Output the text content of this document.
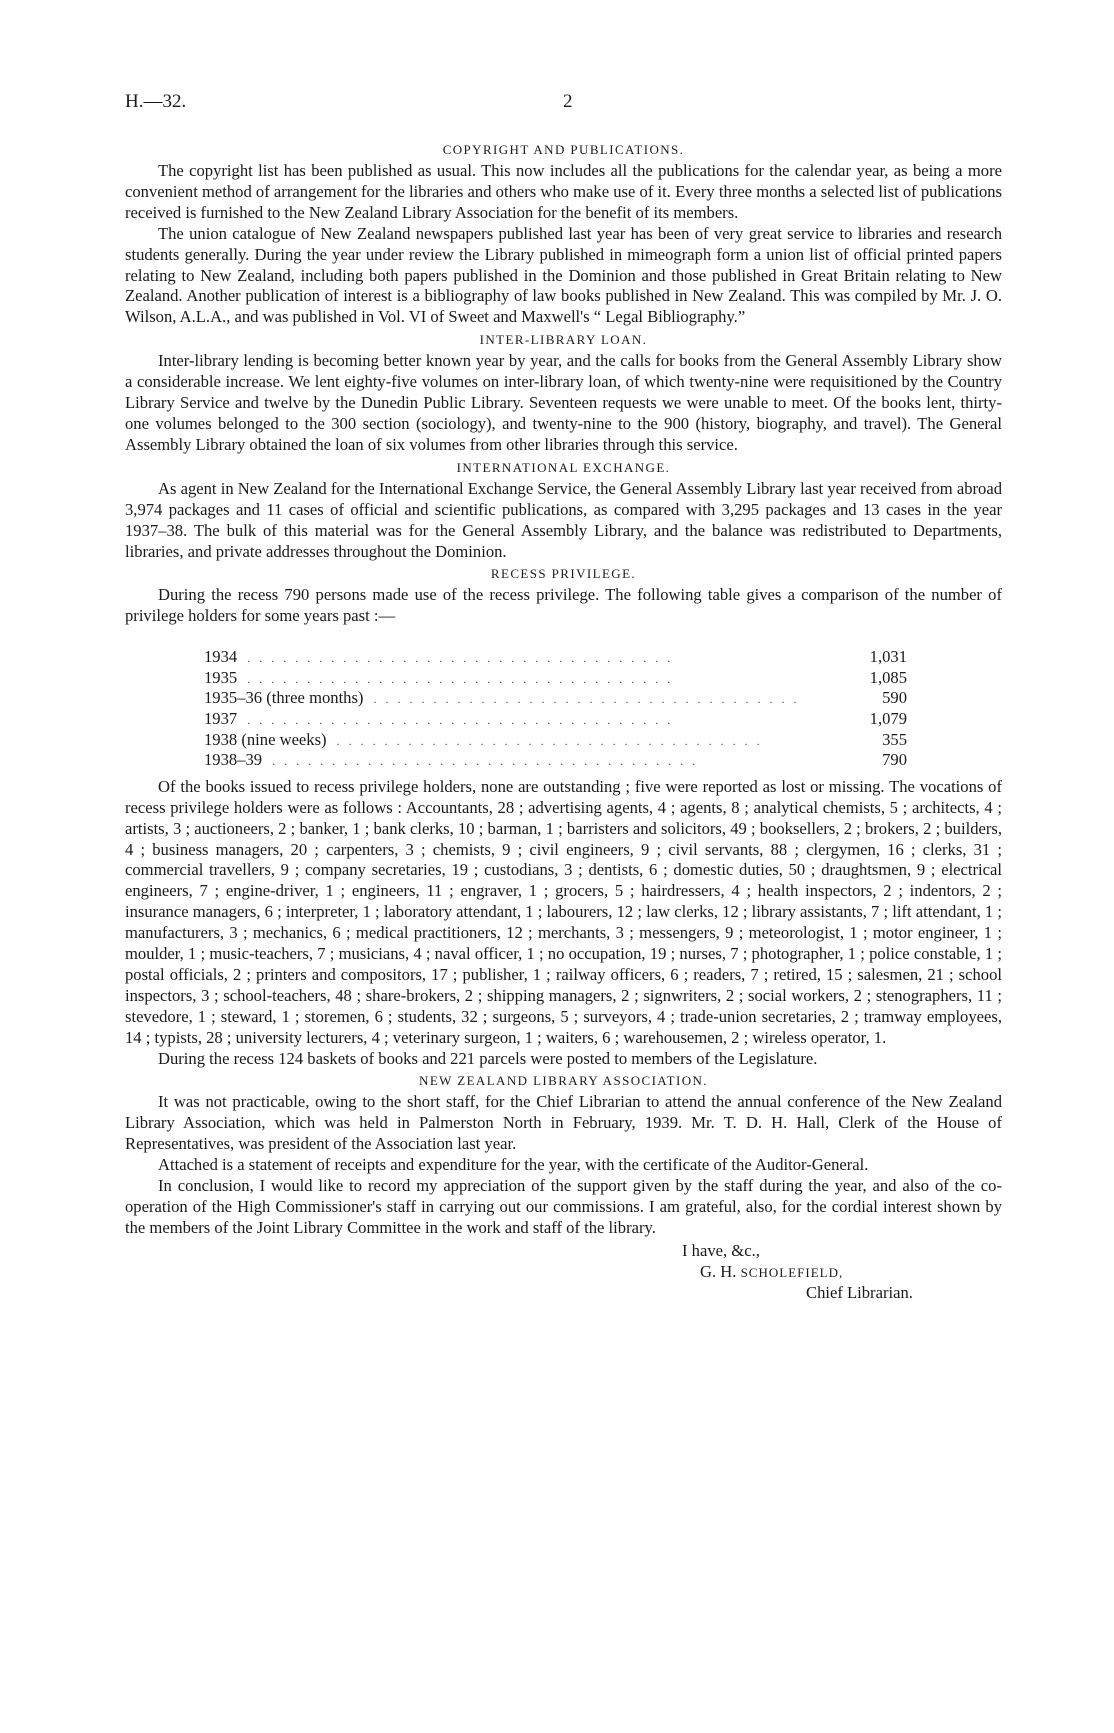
H.—32.	2
COPYRIGHT AND PUBLICATIONS.

The copyright list has been published as usual. This now includes all the publications for the calendar year, as being a more convenient method of arrangement for the libraries and others who make use of it. Every three months a selected list of publications received is furnished to the New Zealand Library Association for the benefit of its members.

The union catalogue of New Zealand newspapers published last year has been of very great service to libraries and research students generally. During the year under review the Library published in mimeograph form a union list of official printed papers relating to New Zealand, including both papers published in the Dominion and those published in Great Britain relating to New Zealand. Another publication of interest is a bibliography of law books published in New Zealand. This was compiled by Mr. J. O. Wilson, A.L.A., and was published in Vol. VI of Sweet and Maxwell's “ Legal Bibliography.”

INTER-LIBRARY LOAN.

Inter-library lending is becoming better known year by year, and the calls for books from the General Assembly Library show a considerable increase. We lent eighty-five volumes on inter-library loan, of which twenty-nine were requisitioned by the Country Library Service and twelve by the Dunedin Public Library. Seventeen requests we were unable to meet. Of the books lent, thirty-one volumes belonged to the 300 section (sociology), and twenty-nine to the 900 (history, biography, and travel). The General Assembly Library obtained the loan of six volumes from other libraries through this service.

INTERNATIONAL EXCHANGE.

As agent in New Zealand for the International Exchange Service, the General Assembly Library last year received from abroad 3,974 packages and 11 cases of official and scientific publications, as compared with 3,295 packages and 13 cases in the year 1937–38. The bulk of this material was for the General Assembly Library, and the balance was redistributed to Departments, libraries, and private addresses throughout the Dominion.

RECESS PRIVILEGE.

During the recess 790 persons made use of the recess privilege. The following table gives a comparison of the number of privilege holders for some years past :—

1934 . . . . . . . . . . . . . . . . . . . . . . . . . . . . . . . . . . . .	1,031
1935 . . . . . . . . . . . . . . . . . . . . . . . . . . . . . . . . . . . .	1,085
1935–36 (three months) . . . . . . . . . . . . . . . . . . . . . . . . . . . . . . . . . . . .	590
1937 . . . . . . . . . . . . . . . . . . . . . . . . . . . . . . . . . . . .	1,079
1938 (nine weeks) . . . . . . . . . . . . . . . . . . . . . . . . . . . . . . . . . . . .	355
1938–39 . . . . . . . . . . . . . . . . . . . . . . . . . . . . . . . . . . . .	790

Of the books issued to recess privilege holders, none are outstanding ; five were reported as lost or missing. The vocations of recess privilege holders were as follows : Accountants, 28 ; advertising agents, 4 ; agents, 8 ; analytical chemists, 5 ; architects, 4 ; artists, 3 ; auctioneers, 2 ; banker, 1 ; bank clerks, 10 ; barman, 1 ; barristers and solicitors, 49 ; booksellers, 2 ; brokers, 2 ; builders, 4 ; business managers, 20 ; carpenters, 3 ; chemists, 9 ; civil engineers, 9 ; civil servants, 88 ; clergymen, 16 ; clerks, 31 ; commercial travellers, 9 ; company secretaries, 19 ; custodians, 3 ; dentists, 6 ; domestic duties, 50 ; draughtsmen, 9 ; electrical engineers, 7 ; engine-driver, 1 ; engineers, 11 ; engraver, 1 ; grocers, 5 ; hairdressers, 4 ; health inspectors, 2 ; indentors, 2 ; insurance managers, 6 ; interpreter, 1 ; laboratory attendant, 1 ; labourers, 12 ; law clerks, 12 ; library assistants, 7 ; lift attendant, 1 ; manufacturers, 3 ; mechanics, 6 ; medical practitioners, 12 ; merchants, 3 ; messengers, 9 ; meteorologist, 1 ; motor engineer, 1 ; moulder, 1 ; music-teachers, 7 ; musicians, 4 ; naval officer, 1 ; no occupation, 19 ; nurses, 7 ; photographer, 1 ; police constable, 1 ; postal officials, 2 ; printers and compositors, 17 ; publisher, 1 ; railway officers, 6 ; readers, 7 ; retired, 15 ; salesmen, 21 ; school inspectors, 3 ; school-teachers, 48 ; share-brokers, 2 ; shipping managers, 2 ; signwriters, 2 ; social workers, 2 ; stenographers, 11 ; stevedore, 1 ; steward, 1 ; storemen, 6 ; students, 32 ; surgeons, 5 ; surveyors, 4 ; trade-union secretaries, 2 ; tramway employees, 14 ; typists, 28 ; university lecturers, 4 ; veterinary surgeon, 1 ; waiters, 6 ; warehousemen, 2 ; wireless operator, 1.

During the recess 124 baskets of books and 221 parcels were posted to members of the Legislature.

NEW ZEALAND LIBRARY ASSOCIATION.

It was not practicable, owing to the short staff, for the Chief Librarian to attend the annual conference of the New Zealand Library Association, which was held in Palmerston North in February, 1939. Mr. T. D. H. Hall, Clerk of the House of Representatives, was president of the Association last year.

Attached is a statement of receipts and expenditure for the year, with the certificate of the Auditor-General.

In conclusion, I would like to record my appreciation of the support given by the staff during the year, and also of the co-operation of the High Commissioner's staff in carrying out our commissions. I am grateful, also, for the cordial interest shown by the members of the Joint Library Committee in the work and staff of the library.

I have, &c.,
G. H. SCHOLEFIELD,
Chief Librarian.
